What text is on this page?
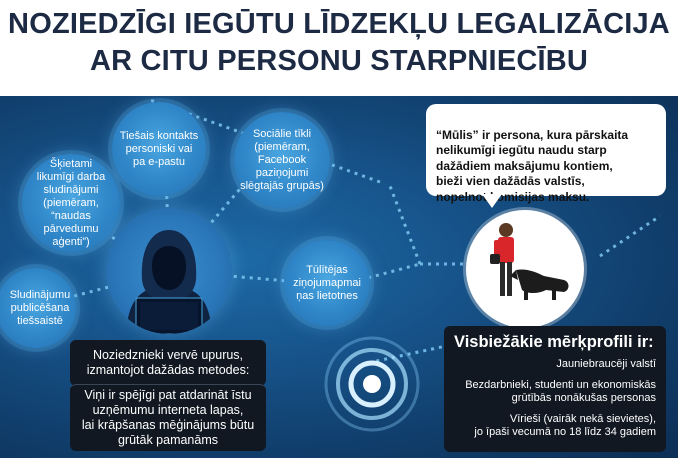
NOZIEDZĪGI IEGŪTU LĪDZEKĻU LEGALIZĀCIJA
AR CITU PERSONU STARPNIECĪBU
Tiešais kontakts
personiski vai
pa e-pastu
Sociālie tīkli
(piemēram,
Facebook
paziņojumi
slēgtajās grupās)
Šķietami
likumīgi darba
sludinājumi
(piemēram,
“naudas
pārvedumu
aģenti”)
Tūlītējas
ziņojumapmai
ņas lietotnes
Sludinājumu
publicēšana
tiešsaistē
Noziedznieki vervē upurus,
izmantojot dažādas metodes:
Viņi ir spējīgi pat atdarināt īstu
uzņēmumu interneta lapas,
lai krāpšanas mēģinājums būtu
grūtāk pamanāms

“Mūlis” ir persona, kura pārskaita
nelikumīgi iegūtu naudu starp
dažādiem maksājumu kontiem,
bieži vien dažādās valstīs,
nopelnot komisijas maksu.

Visbiežākie mērķprofili ir:

Jauniebraucēji valstī

Bezdarbnieki, studenti un ekonomiskās
grūtībās nonākušas personas

Vīrieši (vairāk nekā sievietes),
jo īpaši vecumā no 18 līdz 34 gadiem
